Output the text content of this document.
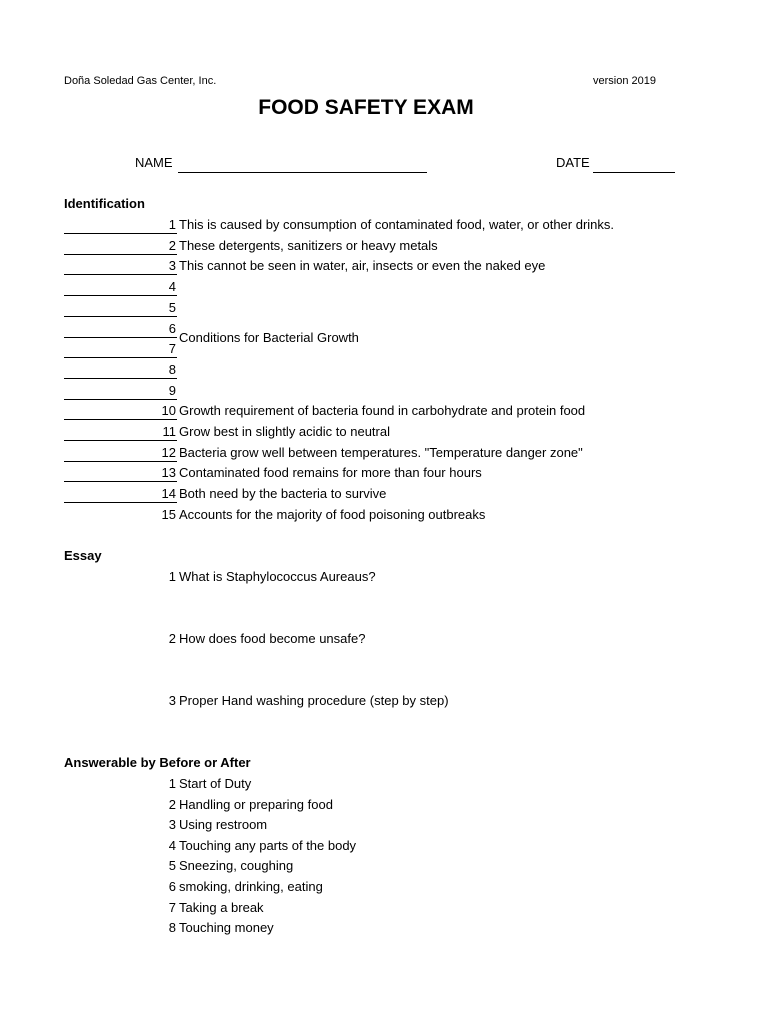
Doña Soledad Gas Center, Inc.	version 2019
FOOD SAFETY EXAM
NAME	DATE
Identification
1 This is caused by consumption of contaminated food, water, or other drinks.
2 These detergents, sanitizers or heavy metals
3 This cannot be seen in water, air, insects or even the naked eye
4
5
6
7
8
9
10 Growth requirement of bacteria found in carbohydrate and protein food
11 Grow best in slightly acidic to neutral
12 Bacteria grow well between temperatures. "Temperature danger zone"
13 Contaminated food remains for more than four hours
14 Both need by the bacteria to survive
15 Accounts for the majority of food poisoning outbreaks
Conditions for Bacterial Growth
Essay
1 What is Staphylococcus Aureaus?
2 How does food become unsafe?
3 Proper Hand washing procedure (step by step)
Answerable by Before or After
1 Start of Duty
2 Handling or preparing food
3 Using restroom
4 Touching any parts of the body
5 Sneezing, coughing
6 smoking, drinking, eating
7 Taking a break
8 Touching money
